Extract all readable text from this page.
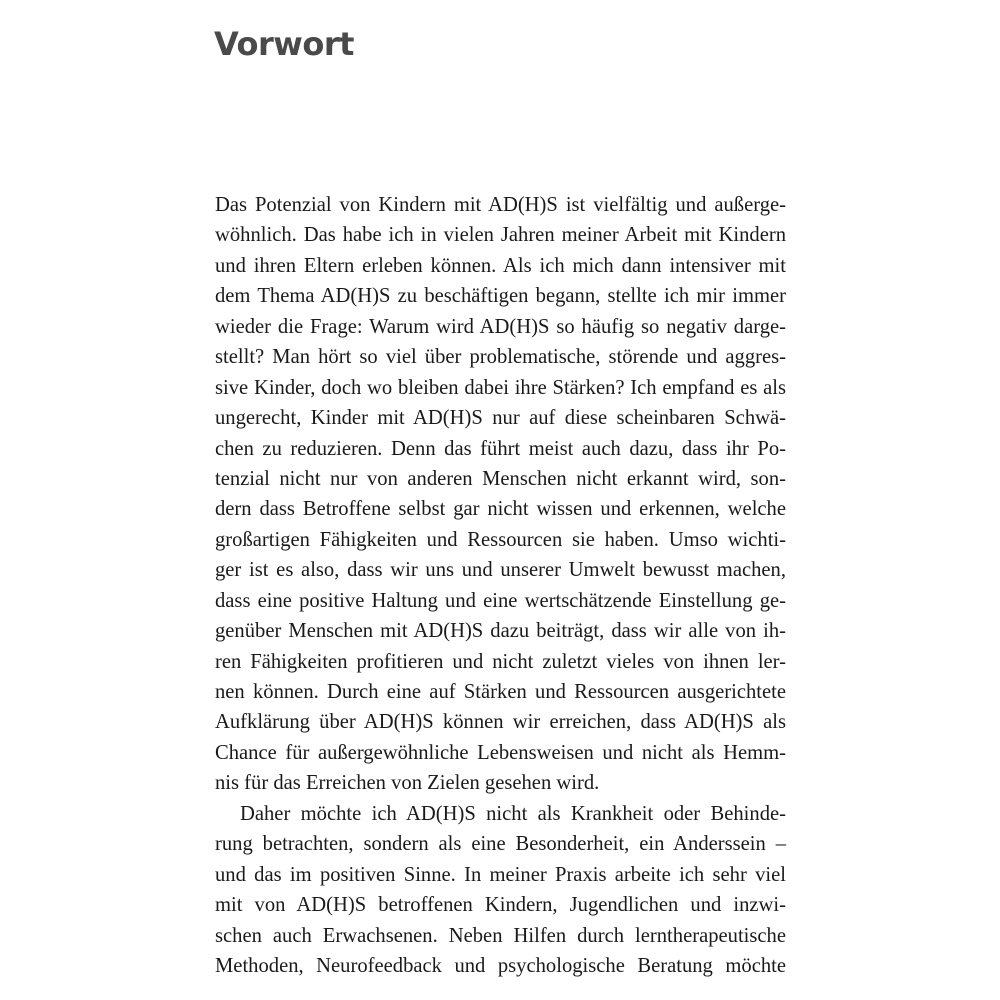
Vorwort
Das Potenzial von Kindern mit AD(H)S ist vielfältig und außerge-
wöhnlich. Das habe ich in vielen Jahren meiner Arbeit mit Kindern
und ihren Eltern erleben können. Als ich mich dann intensiver mit
dem Thema AD(H)S zu beschäftigen begann, stellte ich mir immer
wieder die Frage: Warum wird AD(H)S so häufig so negativ darge-
stellt? Man hört so viel über problematische, störende und aggres-
sive Kinder, doch wo bleiben dabei ihre Stärken? Ich empfand es als
ungerecht, Kinder mit AD(H)S nur auf diese scheinbaren Schwä-
chen zu reduzieren. Denn das führt meist auch dazu, dass ihr Po-
tenzial nicht nur von anderen Menschen nicht erkannt wird, son-
dern dass Betroffene selbst gar nicht wissen und erkennen, welche
großartigen Fähigkeiten und Ressourcen sie haben. Umso wichti-
ger ist es also, dass wir uns und unserer Umwelt bewusst machen,
dass eine positive Haltung und eine wertschätzende Einstellung ge-
genüber Menschen mit AD(H)S dazu beiträgt, dass wir alle von ih-
ren Fähigkeiten profitieren und nicht zuletzt vieles von ihnen ler-
nen können. Durch eine auf Stärken und Ressourcen ausgerichtete
Aufklärung über AD(H)S können wir erreichen, dass AD(H)S als
Chance für außergewöhnliche Lebensweisen und nicht als Hemm-
nis für das Erreichen von Zielen gesehen wird.
Daher möchte ich AD(H)S nicht als Krankheit oder Behinde-
rung betrachten, sondern als eine Besonderheit, ein Anderssein –
und das im positiven Sinne. In meiner Praxis arbeite ich sehr viel
mit von AD(H)S betroffenen Kindern, Jugendlichen und inzwi-
schen auch Erwachsenen. Neben Hilfen durch lerntherapeutische
Methoden, Neurofeedback und psychologische Beratung möchte
